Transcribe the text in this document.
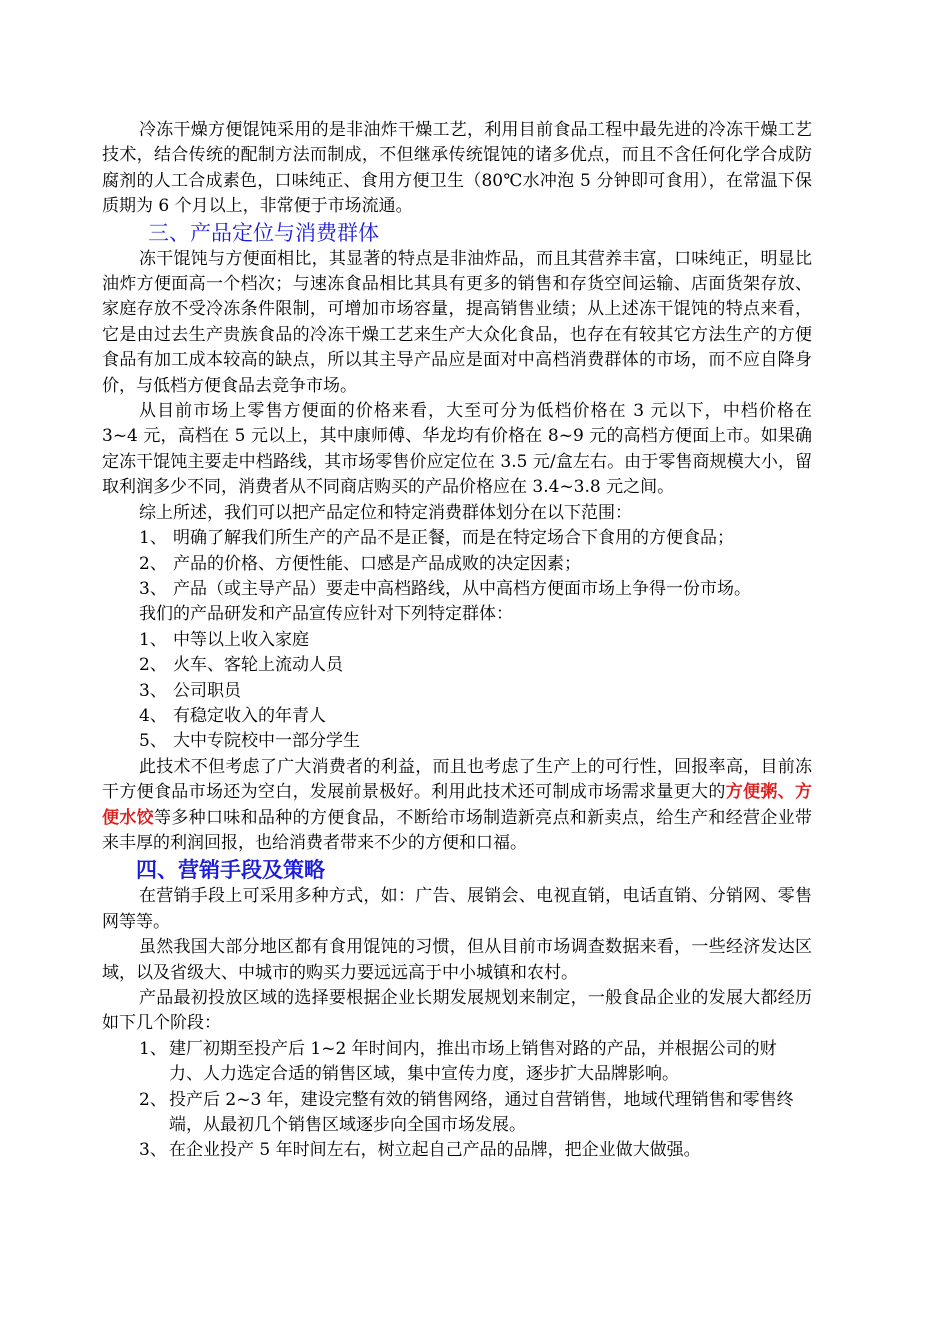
冷冻干燥方便馄饨采用的是非油炸干燥工艺，利用目前食品工程中最先进的冷冻干燥工艺技术，结合传统的配制方法而制成，不但继承传统馄饨的诸多优点，而且不含任何化学合成防腐剂的人工合成素色，口味纯正、食用方便卫生（80℃水冲泡 5 分钟即可食用），在常温下保质期为 6 个月以上，非常便于市场流通。

三、产品定位与消费群体

冻干馄饨与方便面相比，其显著的特点是非油炸品，而且其营养丰富，口味纯正，明显比油炸方便面高一个档次；与速冻食品相比其具有更多的销售和存货空间运输、店面货架存放、家庭存放不受冷冻条件限制，可增加市场容量，提高销售业绩；从上述冻干馄饨的特点来看，它是由过去生产贵族食品的冷冻干燥工艺来生产大众化食品，也存在有较其它方法生产的方便食品有加工成本较高的缺点，所以其主导产品应是面对中高档消费群体的市场，而不应自降身价，与低档方便食品去竞争市场。

从目前市场上零售方便面的价格来看，大至可分为低档价格在 3 元以下，中档价格在 3~4 元，高档在 5 元以上，其中康师傅、华龙均有价格在 8~9 元的高档方便面上市。如果确定冻干馄饨主要走中档路线，其市场零售价应定位在 3.5 元/盒左右。由于零售商规模大小，留取利润多少不同，消费者从不同商店购买的产品价格应在 3.4~3.8 元之间。

综上所述，我们可以把产品定位和特定消费群体划分在以下范围：

1、 明确了解我们所生产的产品不是正餐，而是在特定场合下食用的方便食品；

2、 产品的价格、方便性能、口感是产品成败的决定因素；

3、 产品（或主导产品）要走中高档路线，从中高档方便面市场上争得一份市场。

我们的产品研发和产品宣传应针对下列特定群体：

1、 中等以上收入家庭

2、 火车、客轮上流动人员

3、 公司职员

4、 有稳定收入的年青人

5、 大中专院校中一部分学生

此技术不但考虑了广大消费者的利益，而且也考虑了生产上的可行性，回报率高，目前冻干方便食品市场还为空白，发展前景极好。利用此技术还可制成市场需求量更大的方便粥、方便水饺等多种口味和品种的方便食品，不断给市场制造新亮点和新卖点，给生产和经营企业带来丰厚的利润回报，也给消费者带来不少的方便和口福。

四、营销手段及策略

在营销手段上可采用多种方式，如：广告、展销会、电视直销，电话直销、分销网、零售网等等。

虽然我国大部分地区都有食用馄饨的习惯，但从目前市场调查数据来看，一些经济发达区域，以及省级大、中城市的购买力要远远高于中小城镇和农村。

产品最初投放区域的选择要根据企业长期发展规划来制定，一般食品企业的发展大都经历如下几个阶段：

1、 建厂初期至投产后 1~2 年时间内，推出市场上销售对路的产品，并根据公司的财力、人力选定合适的销售区域，集中宣传力度，逐步扩大品牌影响。

2、 投产后 2~3 年，建设完整有效的销售网络，通过自营销售，地域代理销售和零售终端，从最初几个销售区域逐步向全国市场发展。

3、 在企业投产 5 年时间左右，树立起自己产品的品牌，把企业做大做强。
